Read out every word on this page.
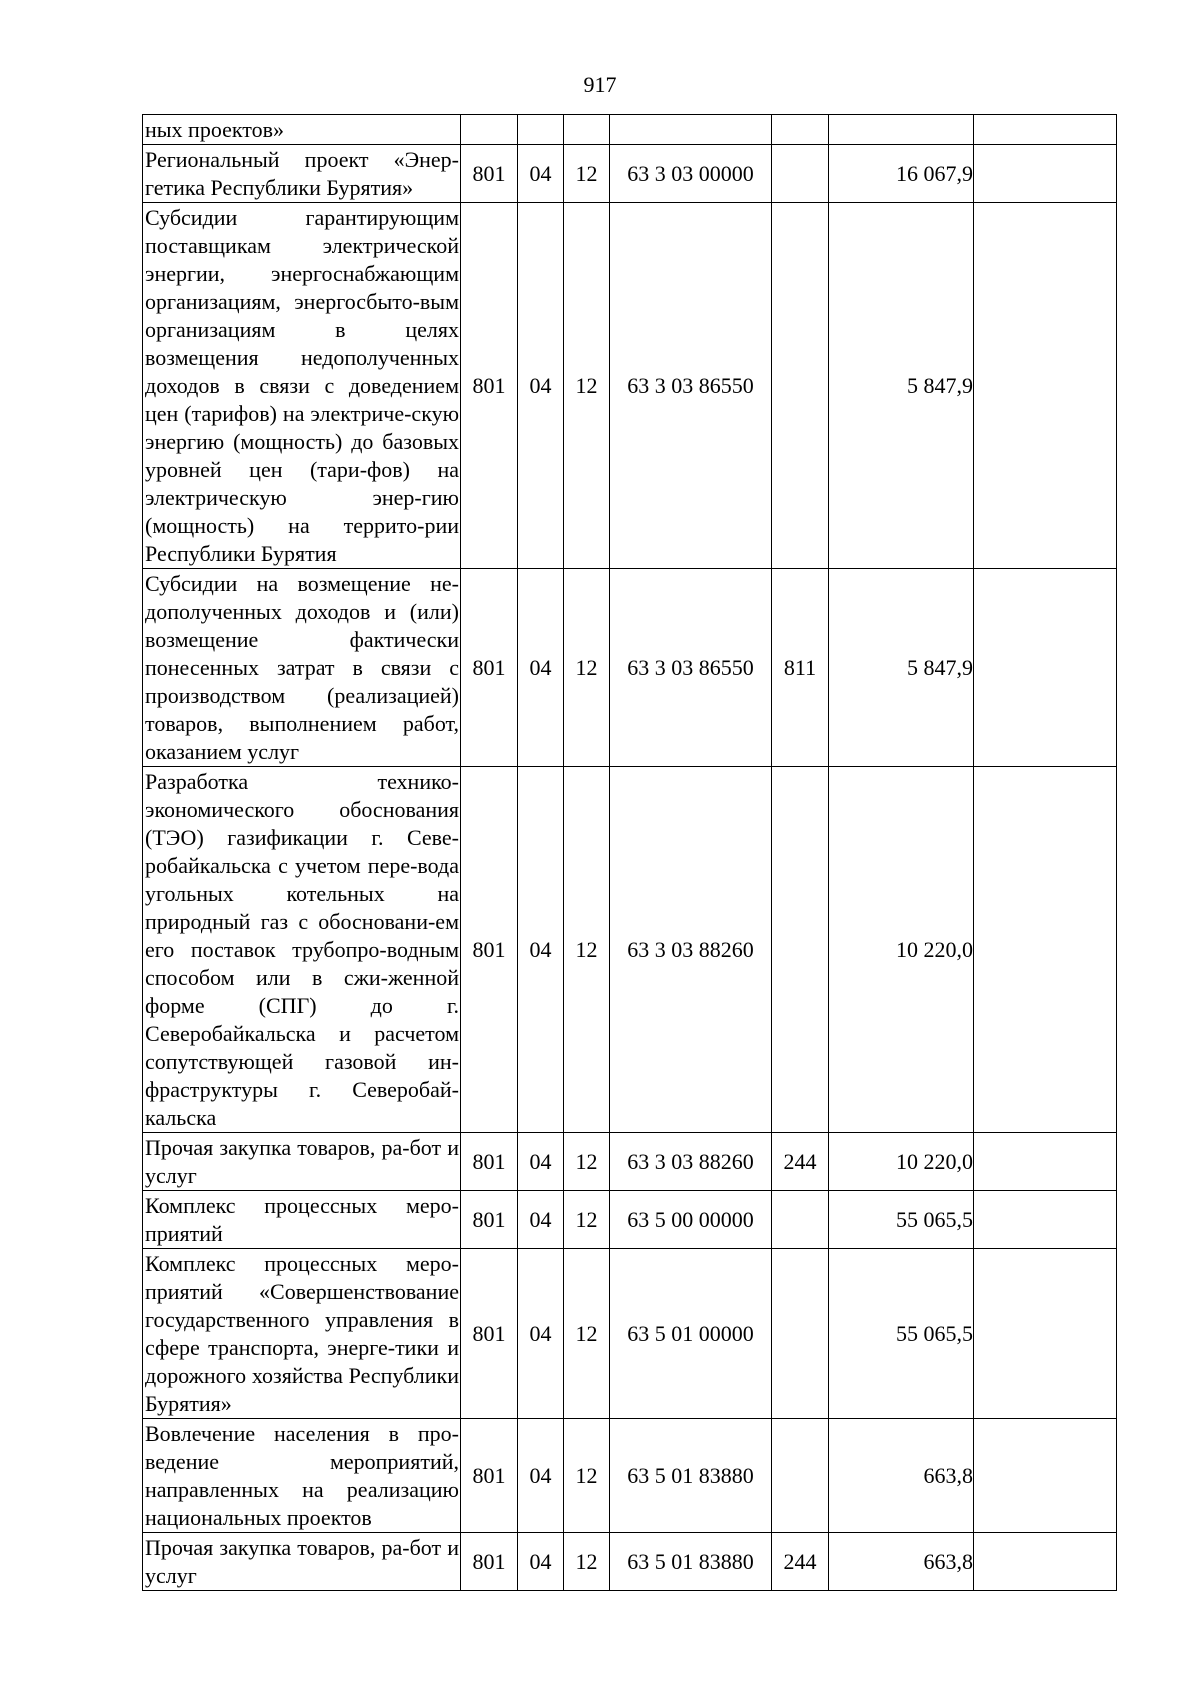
917
ных проектов»							
Региональный проект «Энер-гетика Республики Бурятия»	801	04	12	63 3 03 00000		16 067,9	
Субсидии гарантирующим поставщикам электрической энергии, энергоснабжающим организациям, энергосбыто-вым организациям в целях возмещения недополученных доходов в связи с доведением цен (тарифов) на электриче-скую энергию (мощность) до базовых уровней цен (тари-фов) на электрическую энер-гию (мощность) на террито-рии Республики Бурятия	801	04	12	63 3 03 86550		5 847,9	
Субсидии на возмещение не-дополученных доходов и (или) возмещение фактически понесенных затрат в связи с производством (реализацией) товаров, выполнением работ, оказанием услуг	801	04	12	63 3 03 86550	811	5 847,9	
Разработка технико-экономического обоснования (ТЭО) газификации г. Севе-робайкальска с учетом пере-вода угольных котельных на природный газ с обосновани-ем его поставок трубопро-водным способом или в сжи-женной форме (СПГ) до г. Северобайкальска и расчетом сопутствующей газовой ин-фраструктуры г. Северобай-кальска	801	04	12	63 3 03 88260		10 220,0	
Прочая закупка товаров, ра-бот и услуг	801	04	12	63 3 03 88260	244	10 220,0	
Комплекс процессных меро-приятий	801	04	12	63 5 00 00000		55 065,5	
Комплекс процессных меро-приятий «Совершенствование государственного управления в сфере транспорта, энерге-тики и дорожного хозяйства Республики Бурятия»	801	04	12	63 5 01 00000		55 065,5	
Вовлечение населения в про-ведение мероприятий, направленных на реализацию национальных проектов	801	04	12	63 5 01 83880		663,8	
Прочая закупка товаров, ра-бот и услуг	801	04	12	63 5 01 83880	244	663,8	
